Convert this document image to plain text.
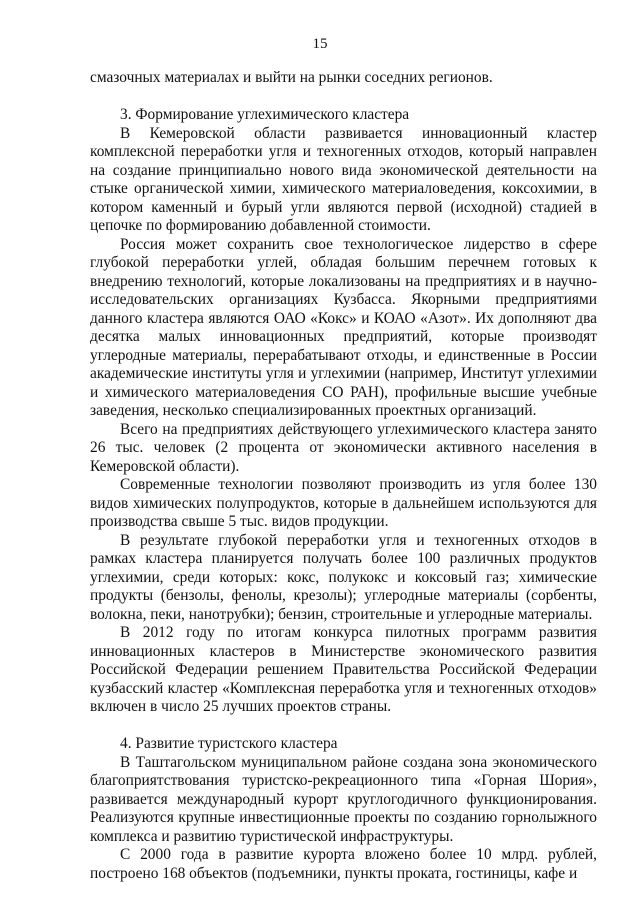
15

смазочных материалах и выйти на рынки соседних регионов.

3. Формирование углехимического кластера

В Кемеровской области развивается инновационный кластер комплексной переработки угля и техногенных отходов, который направлен на создание принципиально нового вида экономической деятельности на стыке органической химии, химического материаловедения, коксохимии, в котором каменный и бурый угли являются первой (исходной) стадией в цепочке по формированию добавленной стоимости.

Россия может сохранить свое технологическое лидерство в сфере глубокой переработки углей, обладая большим перечнем готовых к внедрению технологий, которые локализованы на предприятиях и в научно-исследовательских организациях Кузбасса. Якорными предприятиями данного кластера являются ОАО «Кокс» и КОАО «Азот». Их дополняют два десятка малых инновационных предприятий, которые производят углеродные материалы, перерабатывают отходы, и единственные в России академические институты угля и углехимии (например, Институт углехимии и химического материаловедения СО РАН), профильные высшие учебные заведения, несколько специализированных проектных организаций.

Всего на предприятиях действующего углехимического кластера занято 26 тыс. человек (2 процента от экономически активного населения в Кемеровской области).

Современные технологии позволяют производить из угля более 130 видов химических полупродуктов, которые в дальнейшем используются для производства свыше 5 тыс. видов продукции.

В результате глубокой переработки угля и техногенных отходов в рамках кластера планируется получать более 100 различных продуктов углехимии, среди которых: кокс, полукокс и коксовый газ; химические продукты (бензолы, фенолы, крезолы); углеродные материалы (сорбенты, волокна, пеки, нанотрубки); бензин, строительные и углеродные материалы.

В 2012 году по итогам конкурса пилотных программ развития инновационных кластеров в Министерстве экономического развития Российской Федерации решением Правительства Российской Федерации кузбасский кластер «Комплексная переработка угля и техногенных отходов» включен в число 25 лучших проектов страны.

4. Развитие туристского кластера

В Таштагольском муниципальном районе создана зона экономического благоприятствования туристско-рекреационного типа «Горная Шория», развивается международный курорт круглогодичного функционирования. Реализуются крупные инвестиционные проекты по созданию горнолыжного комплекса и развитию туристической инфраструктуры.

С 2000 года в развитие курорта вложено более 10 млрд. рублей, построено 168 объектов (подъемники, пункты проката, гостиницы, кафе и
